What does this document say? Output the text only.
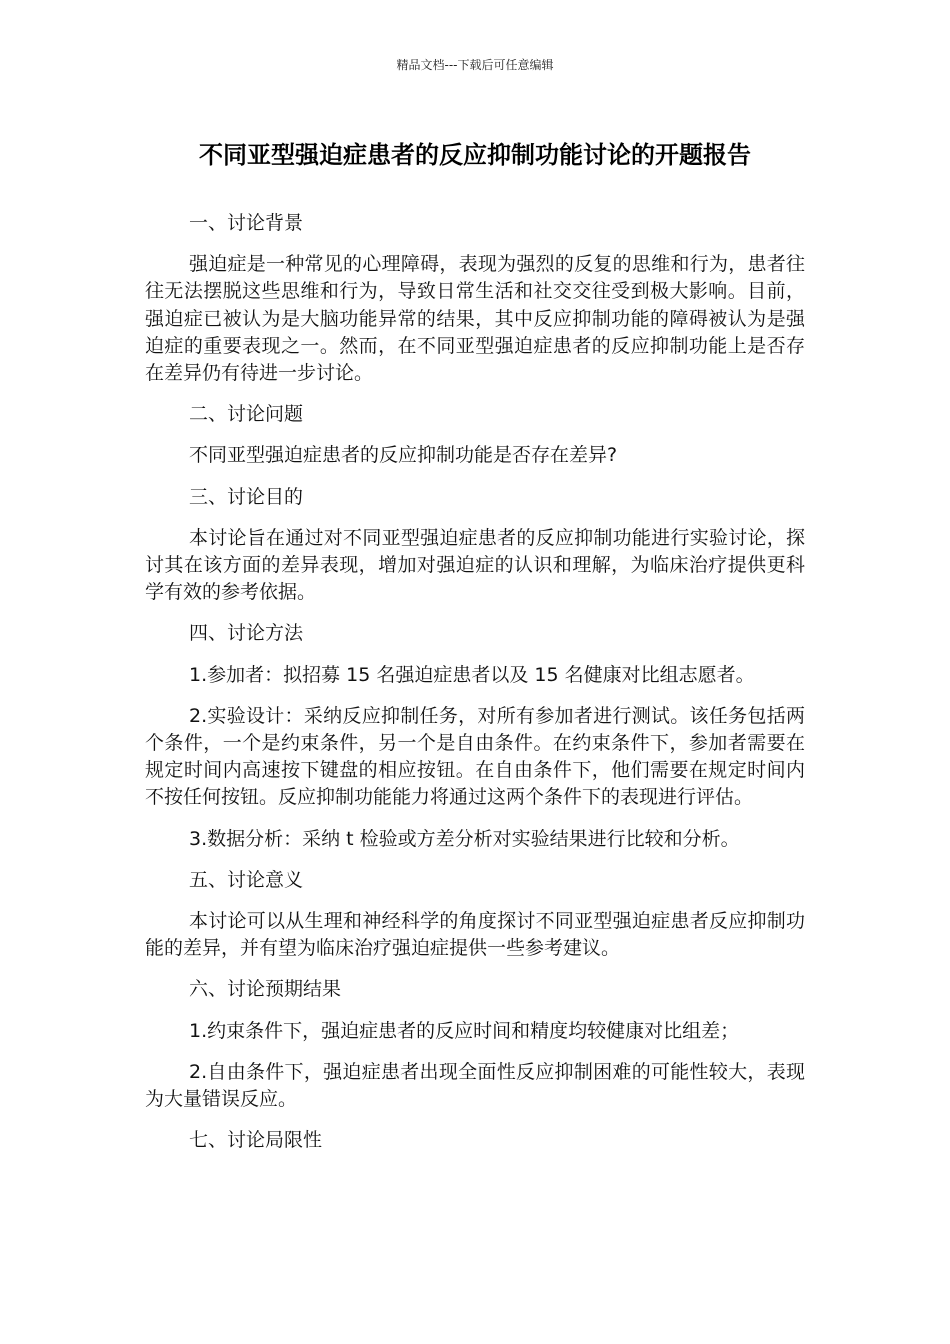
精品文档---下载后可任意编辑
不同亚型强迫症患者的反应抑制功能讨论的开题报告

一、讨论背景

强迫症是一种常见的心理障碍，表现为强烈的反复的思维和行为，患者往往无法摆脱这些思维和行为，导致日常生活和社交交往受到极大影响。目前，强迫症已被认为是大脑功能异常的结果，其中反应抑制功能的障碍被认为是强迫症的重要表现之一。然而，在不同亚型强迫症患者的反应抑制功能上是否存在差异仍有待进一步讨论。

二、讨论问题

不同亚型强迫症患者的反应抑制功能是否存在差异?

三、讨论目的

本讨论旨在通过对不同亚型强迫症患者的反应抑制功能进行实验讨论，探讨其在该方面的差异表现，增加对强迫症的认识和理解，为临床治疗提供更科学有效的参考依据。

四、讨论方法

1.参加者：拟招募 15 名强迫症患者以及 15 名健康对比组志愿者。

2.实验设计：采纳反应抑制任务，对所有参加者进行测试。该任务包括两个条件，一个是约束条件，另一个是自由条件。在约束条件下，参加者需要在规定时间内高速按下键盘的相应按钮。在自由条件下，他们需要在规定时间内不按任何按钮。反应抑制功能能力将通过这两个条件下的表现进行评估。

3.数据分析：采纳 t 检验或方差分析对实验结果进行比较和分析。

五、讨论意义

本讨论可以从生理和神经科学的角度探讨不同亚型强迫症患者反应抑制功能的差异，并有望为临床治疗强迫症提供一些参考建议。

六、讨论预期结果

1.约束条件下，强迫症患者的反应时间和精度均较健康对比组差；

2.自由条件下，强迫症患者出现全面性反应抑制困难的可能性较大，表现为大量错误反应。

七、讨论局限性
